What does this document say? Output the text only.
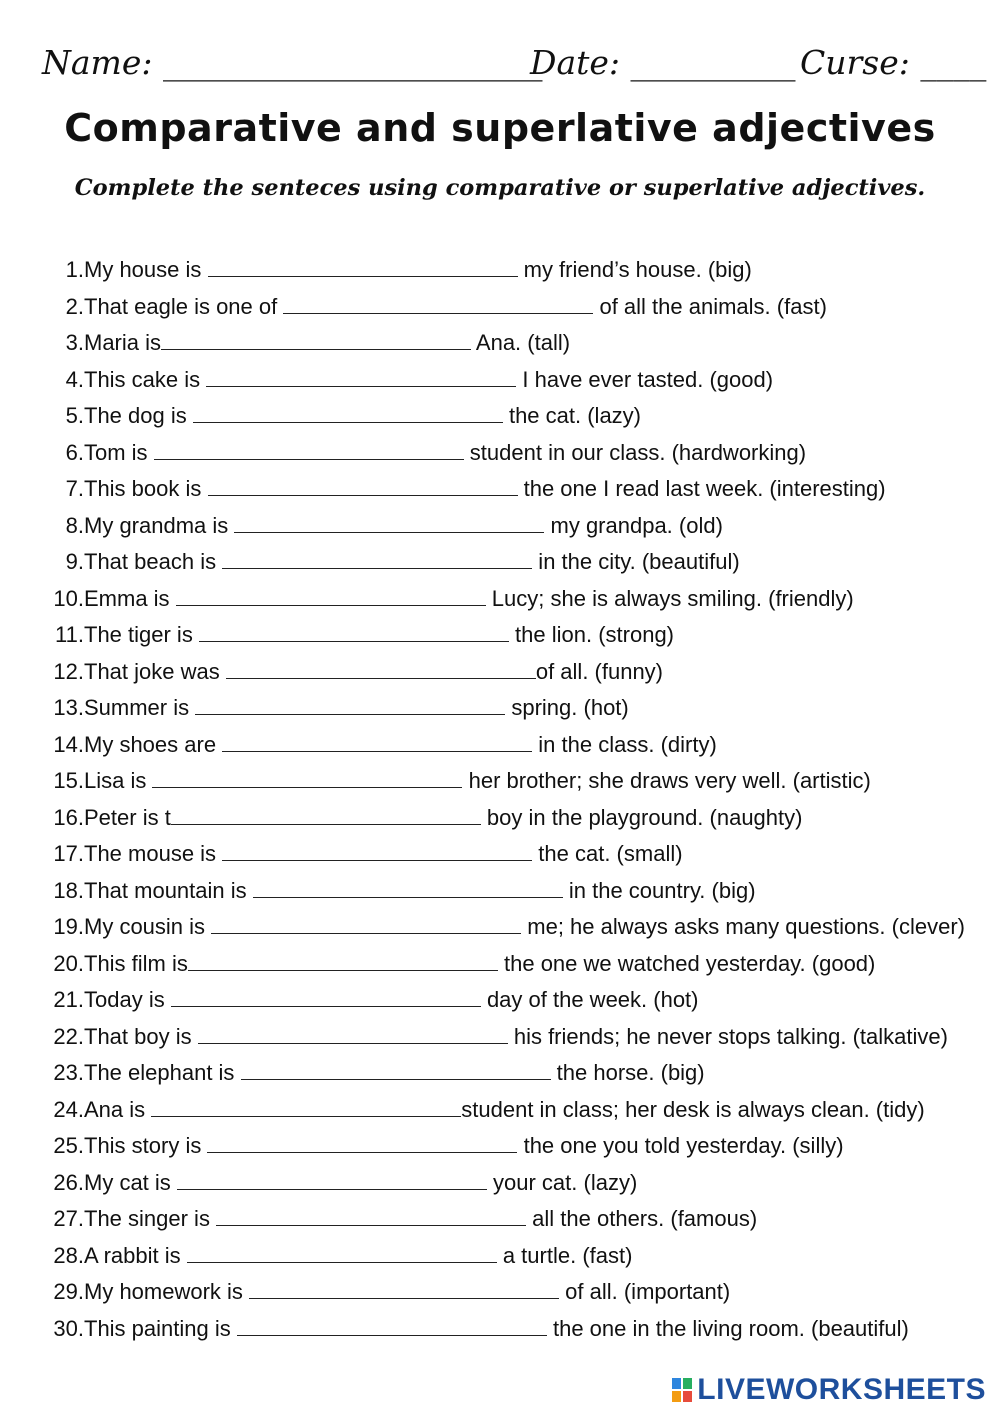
Name: _______________________
Date: __________ Curse: ____
Comparative and superlative adjectives
Complete the senteces using comparative or superlative adjectives.
1.My house is	my friend’s house. (big)
2.That eagle is one of	of all the animals. (fast)
3.Maria is	Ana. (tall)
4.This cake is	I have ever tasted. (good)
5.The dog is	the cat. (lazy)
6.Tom is	student in our class. (hardworking)
7.This book is	the one I read last week. (interesting)
8.My grandma is	my grandpa. (old)
9.That beach is	in the city. (beautiful)
10.Emma is	Lucy; she is always smiling. (friendly)
11.The tiger is	the lion. (strong)
12.That joke was	of all. (funny)
13.Summer is	spring. (hot)
14.My shoes are	in the class. (dirty)
15.Lisa is	her brother; she draws very well. (artistic)
16.Peter is t	boy in the playground. (naughty)
17.The mouse is	the cat. (small)
18.That mountain is	in the country. (big)
19.My cousin is	me; he always asks many questions. (clever)
20.This film is	the one we watched yesterday. (good)
21.Today is	day of the week. (hot)
22.That boy is	his friends; he never stops talking. (talkative)
23.The elephant is	the horse. (big)
24.Ana is	student in class; her desk is always clean. (tidy)
25.This story is	the one you told yesterday. (silly)
26.My cat is	your cat. (lazy)
27.The singer is	all the others. (famous)
28.A rabbit is	a turtle. (fast)
29.My homework is	of all. (important)
30.This painting is	the one in the living room. (beautiful)
LIVEWORKSHEETS
